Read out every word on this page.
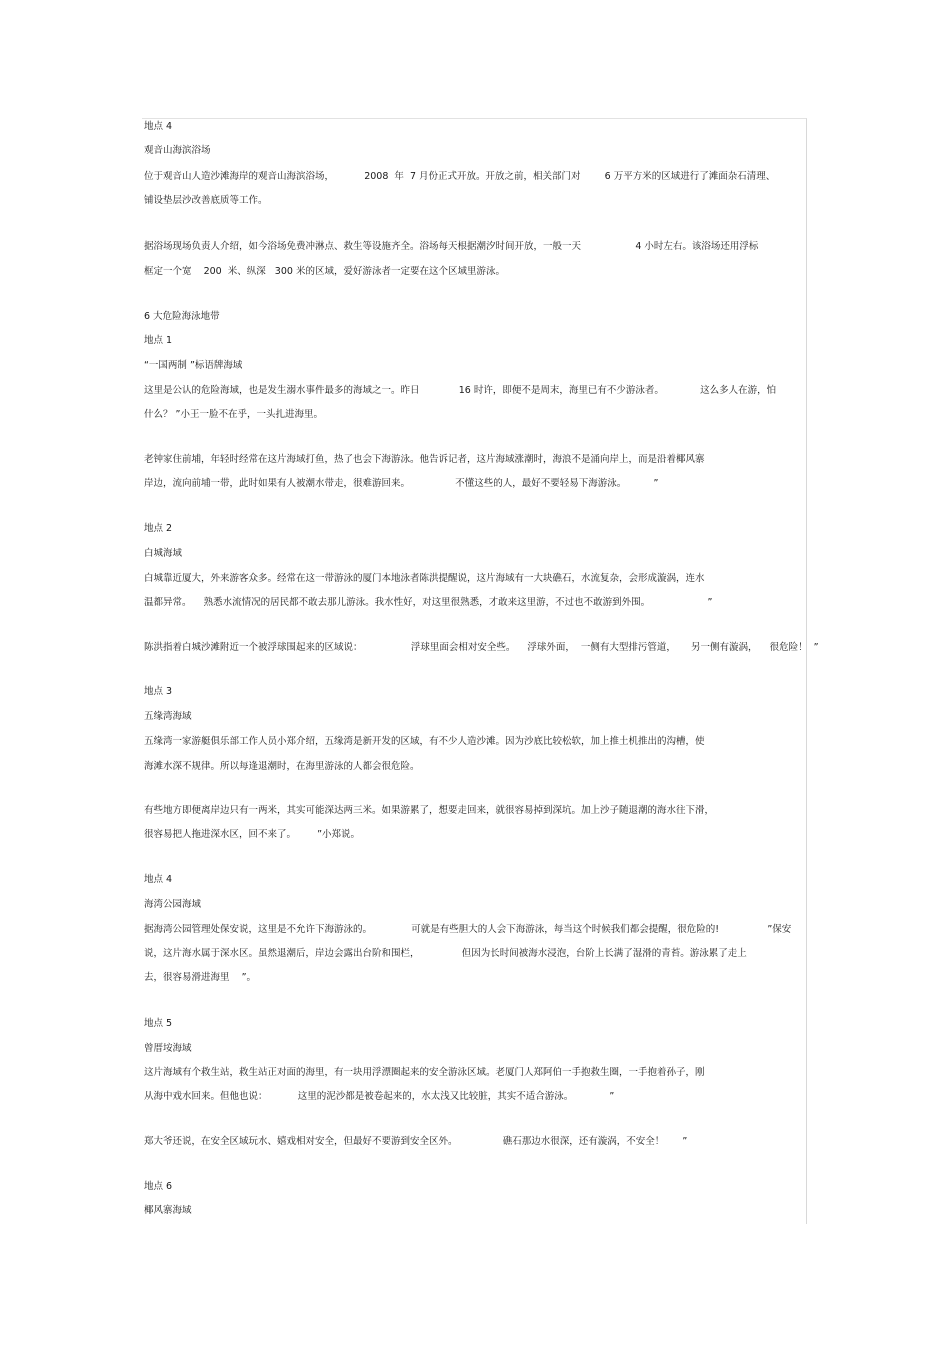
地点 4
观音山海滨浴场
位于观音山人造沙滩海岸的观音山海滨浴场，          2008  年  7 月份正式开放。开放之前，相关部门对        6 万平方米的区域进行了滩面杂石清理、
铺设垫层沙改善底质等工作。
据浴场现场负责人介绍，如今浴场免费冲淋点、救生等设施齐全。浴场每天根据潮汐时间开放，一般一天                  4 小时左右。该浴场还用浮标
框定一个宽    200  米、纵深   300 米的区域，爱好游泳者一定要在这个区域里游泳。
6 大危险海泳地带
地点 1
“一国两制 ”标语牌海域
这里是公认的危险海域，也是发生溺水事件最多的海域之一。昨日             16 时许，即便不是周末，海里已有不少游泳者。            这么多人在游，怕
什么？ ”小王一脸不在乎，一头扎进海里。
老钟家住前埔，年轻时经常在这片海域打鱼，热了也会下海游泳。他告诉记者，这片海域涨潮时，海浪不是涌向岸上，而是沿着椰风寨
岸边，流向前埔一带，此时如果有人被潮水带走，很难游回来。               不懂这些的人，最好不要轻易下海游泳。         ”
地点 2
白城海域
白城靠近厦大，外来游客众多。经常在这一带游泳的厦门本地泳者陈洪提醒说，这片海域有一大块礁石，水流复杂，会形成漩涡，连水
温都异常。    熟悉水流情况的居民都不敢去那儿游泳。我水性好，对这里很熟悉，才敢来这里游，不过也不敢游到外围。                   ”
陈洪指着白城沙滩附近一个被浮球围起来的区域说：                浮球里面会相对安全些。    浮球外面，  一侧有大型排污管道，     另一侧有漩涡，    很危险！  ”
地点 3
五缘湾海域
五缘湾一家游艇俱乐部工作人员小郑介绍，五缘湾是新开发的区域，有不少人造沙滩。因为沙底比较松软，加上推土机推出的沟槽，使
海滩水深不规律。所以每逢退潮时，在海里游泳的人都会很危险。
有些地方即便离岸边只有一两米，其实可能深达两三米。如果游累了，想要走回来，就很容易掉到深坑。加上沙子随退潮的海水往下滑，
很容易把人拖进深水区，回不来了。       ”小郑说。
地点 4
海湾公园海域
据海湾公园管理处保安说，这里是不允许下海游泳的。             可就是有些胆大的人会下海游泳，每当这个时候我们都会提醒，很危险的!                ”保安
说，这片海水属于深水区。虽然退潮后，岸边会露出台阶和围栏，              但因为长时间被海水浸泡，台阶上长满了湿滑的青苔。游泳累了走上
去，很容易滑进海里    ”。
地点 5
曾厝垵海域
这片海域有个救生站，救生站正对面的海里，有一块用浮漂圈起来的安全游泳区域。老厦门人郑阿伯一手抱救生圈，一手抱着孙子，刚
从海中戏水回来。但他也说：          这里的泥沙都是被卷起来的，水太浅又比较脏，其实不适合游泳。            ”
郑大爷还说，在安全区域玩水、嬉戏相对安全，但最好不要游到安全区外。               礁石那边水很深，还有漩涡，不安全！      ”
地点 6
椰风寨海域
